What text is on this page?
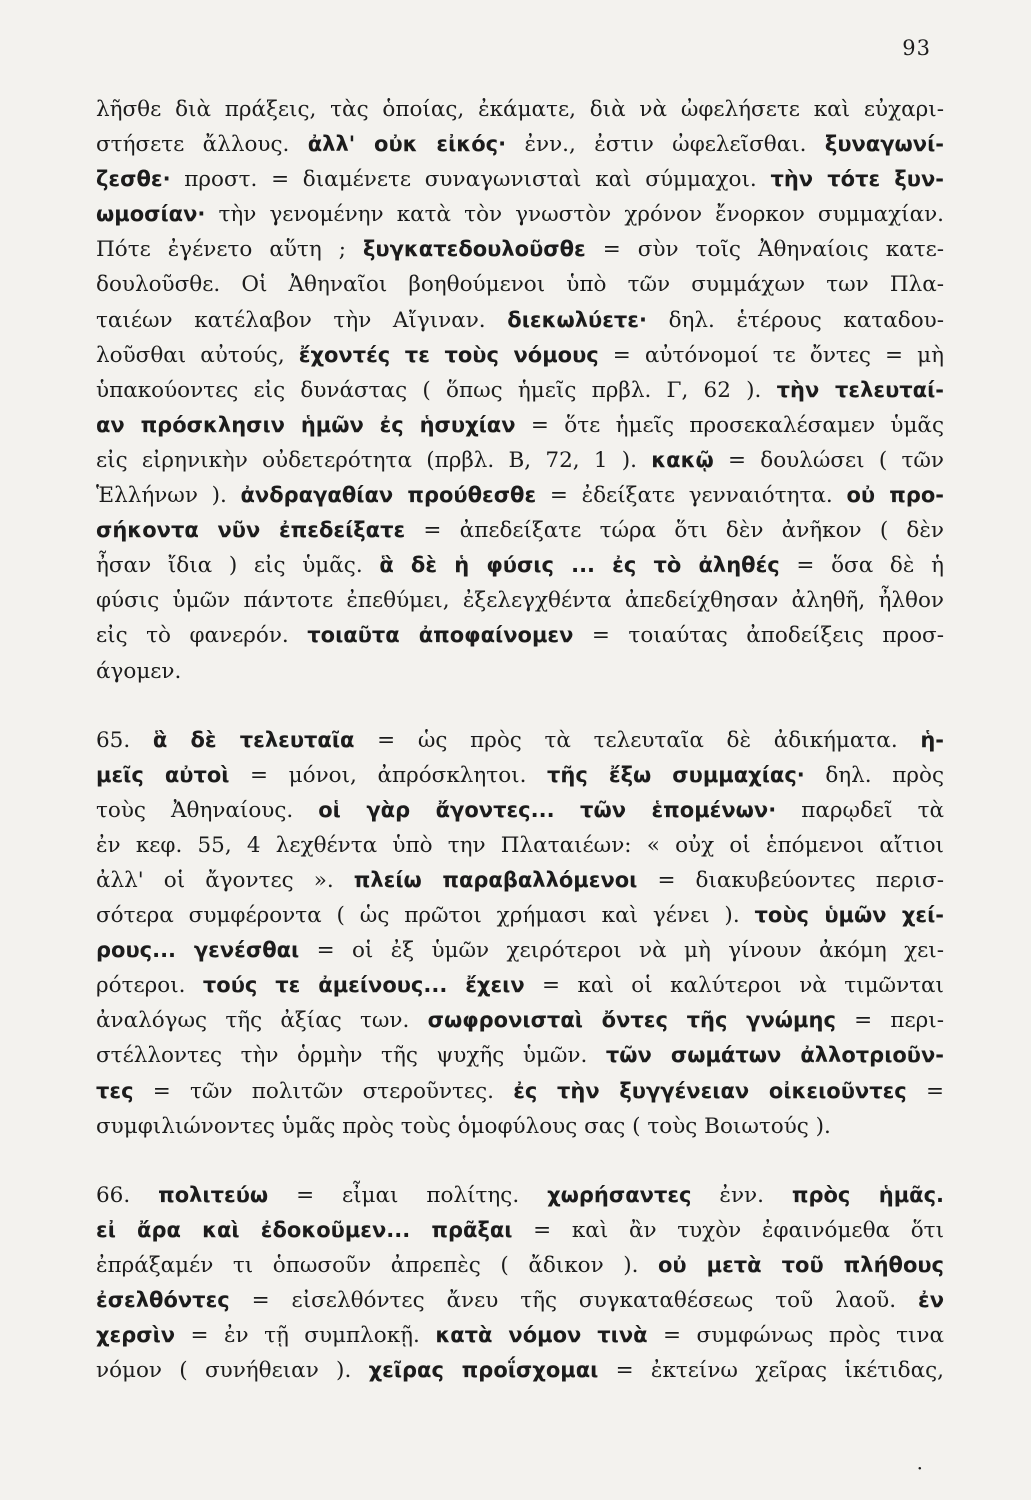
93
λῆσθε διὰ πράξεις, τὰς ὁποίας, ἐκάματε, διὰ νὰ ὠφελήσετε καὶ εὐχαρι-
στήσετε ἄλλους. ἀλλ' οὐκ εἰκός· ἐνν., ἐστιν ὠφελεῖσθαι. ξυναγωνί-
ζεσθε· προστ. = διαμένετε συναγωνισταὶ καὶ σύμμαχοι. τὴν τότε ξυν-
ωμοσίαν· τὴν γενομένην κατὰ τὸν γνωστὸν χρόνον ἔνορκον συμμαχίαν.
Πότε ἐγένετο αὕτη ; ξυγκατεδουλοῦσθε = σὺν τοῖς Ἀθηναίοις κατε-
δουλοῦσθε. Οἱ Ἀθηναῖοι βοηθούμενοι ὑπὸ τῶν συμμάχων των Πλα-
ταιέων κατέλαβον τὴν Αἴγιναν. διεκωλύετε· δηλ. ἑτέρους καταδου-
λοῦσθαι αὐτούς, ἔχοντές τε τοὺς νόμους = αὐτόνομοί τε ὄντες = μὴ
ὑπακούοντες εἰς δυνάστας ( ὅπως ἡμεῖς πρβλ. Γ, 62 ). τὴν τελευταί-
αν πρόσκλησιν ἡμῶν ἐς ἡσυχίαν = ὅτε ἡμεῖς προσεκαλέσαμεν ὑμᾶς
εἰς εἰρηνικὴν οὐδετερότητα (πρβλ. Β, 72, 1 ). κακῷ = δουλώσει ( τῶν
Ἑλλήνων ). ἀνδραγαθίαν προύθεσθε = ἐδείξατε γενναιότητα. οὐ προ-
σήκοντα νῦν ἐπεδείξατε = ἀπεδείξατε τώρα ὅτι δὲν ἀνῆκον ( δὲν
ἦσαν ἴδια ) εἰς ὑμᾶς. ἃ δὲ ἡ φύσις ... ἐς τὸ ἀληθές = ὅσα δὲ ἡ
φύσις ὑμῶν πάντοτε ἐπεθύμει, ἐξελεγχθέντα ἀπεδείχθησαν ἀληθῆ, ἦλθον
εἰς τὸ φανερόν. τοιαῦτα ἀποφαίνομεν = τοιαύτας ἀποδείξεις προσ-
άγομεν.
65. ἃ δὲ τελευταῖα = ὡς πρὸς τὰ τελευταῖα δὲ ἀδικήματα. ἡ-
μεῖς αὐτοὶ = μόνοι, ἀπρόσκλητοι. τῆς ἔξω συμμαχίας· δηλ. πρὸς
τοὺς Ἀθηναίους. οἱ γὰρ ἄγοντες... τῶν ἑπομένων· παρῳδεῖ τὰ
ἐν κεφ. 55, 4 λεχθέντα ὑπὸ την Πλαταιέων: « οὐχ οἱ ἑπόμενοι αἴτιοι
ἀλλ' οἱ ἄγοντες ». πλείω παραβαλλόμενοι = διακυβεύοντες περισ-
σότερα συμφέροντα ( ὡς πρῶτοι χρήμασι καὶ γένει ). τοὺς ὑμῶν χεί-
ρους... γενέσθαι = οἱ ἐξ ὑμῶν χειρότεροι νὰ μὴ γίνουν ἀκόμη χει-
ρότεροι. τούς τε ἀμείνους... ἔχειν = καὶ οἱ καλύτεροι νὰ τιμῶνται
ἀναλόγως τῆς ἀξίας των. σωφρονισταὶ ὄντες τῆς γνώμης = περι-
στέλλοντες τὴν ὁρμὴν τῆς ψυχῆς ὑμῶν. τῶν σωμάτων ἀλλοτριοῦν-
τες = τῶν πολιτῶν στεροῦντες. ἐς τὴν ξυγγένειαν οἰκειοῦντες =
συμφιλιώνοντες ὑμᾶς πρὸς τοὺς ὁμοφύλους σας ( τοὺς Βοιωτούς ).
66. πολιτεύω = εἶμαι πολίτης. χωρήσαντες ἐνν. πρὸς ἡμᾶς.
εἰ ἄρα καὶ ἐδοκοῦμεν... πρᾶξαι = καὶ ἂν τυχὸν ἐφαινόμεθα ὅτι
ἐπράξαμέν τι ὁπωσοῦν ἀπρεπὲς ( ἄδικον ). οὐ μετὰ τοῦ πλήθους
ἐσελθόντες = εἰσελθόντες ἄνευ τῆς συγκαταθέσεως τοῦ λαοῦ. ἐν
χερσὶν = ἐν τῇ συμπλοκῇ. κατὰ νόμον τινὰ = συμφώνως πρὸς τινα
νόμον ( συνήθειαν ). χεῖρας προΐσχομαι = ἐκτείνω χεῖρας ἱκέτιδας,
·
